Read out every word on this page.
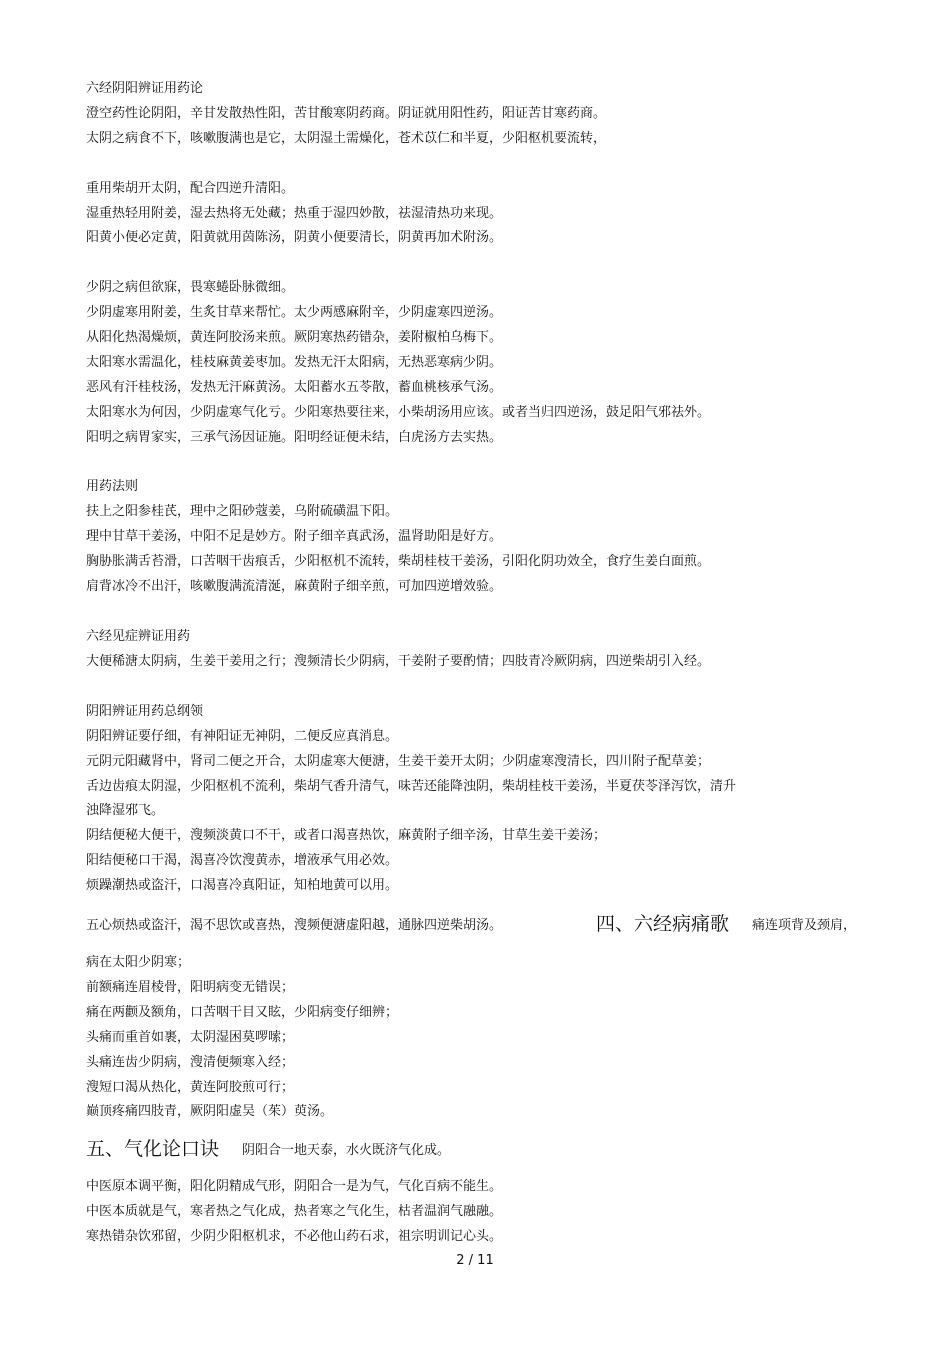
六经阴阳辨证用药论
澄空药性论阴阳，辛甘发散热性阳，苦甘酸寒阴药商。阴证就用阳性药，阳证苦甘寒药商。
太阴之病食不下，咳嗽腹满也是它，太阴湿土需燥化，苍术苡仁和半夏，少阳枢机要流转，
重用柴胡开太阴，配合四逆升清阳。
湿重热轻用附姜，湿去热将无处藏；热重于湿四妙散，祛湿清热功来现。
阳黄小便必定黄，阳黄就用茵陈汤，阴黄小便要清长，阴黄再加术附汤。
少阴之病但欲寐，畏寒蜷卧脉微细。
少阴虚寒用附姜，生炙甘草来帮忙。太少两感麻附辛，少阴虚寒四逆汤。
从阳化热渴燥烦，黄连阿胶汤来煎。厥阴寒热药错杂，姜附椒柏乌梅下。
太阳寒水需温化，桂枝麻黄姜枣加。发热无汗太阳病，无热恶寒病少阴。
恶风有汗桂枝汤，发热无汗麻黄汤。太阳蓄水五苓散，蓄血桃核承气汤。
太阳寒水为何因，少阴虚寒气化亏。少阳寒热要往来，小柴胡汤用应该。或者当归四逆汤，鼓足阳气邪祛外。
阳明之病胃家实，三承气汤因证施。阳明经证便未结，白虎汤方去实热。
用药法则
扶上之阳参桂芪，理中之阳砂蔻姜，乌附硫磺温下阳。
理中甘草干姜汤，中阳不足是妙方。附子细辛真武汤，温肾助阳是好方。
胸胁胀满舌苔滑，口苦咽干齿痕舌，少阳枢机不流转，柴胡桂枝干姜汤，引阳化阴功效全，食疗生姜白面煎。
肩背冰冷不出汗，咳嗽腹满流清涎，麻黄附子细辛煎，可加四逆增效验。
六经见症辨证用药
大便稀溏太阴病，生姜干姜用之行；溲频清长少阴病，干姜附子要酌情；四肢青冷厥阴病，四逆柴胡引入经。
阴阳辨证用药总纲领
阴阳辨证要仔细，有神阳证无神阴，二便反应真消息。
元阴元阳藏肾中，肾司二便之开合，太阴虚寒大便溏，生姜干姜开太阴；少阴虚寒溲清长，四川附子配草姜；
舌边齿痕太阴湿，少阳枢机不流利，柴胡气香升清气，味苦还能降浊阴，柴胡桂枝干姜汤，半夏茯苓泽泻饮，清升
浊降湿邪飞。
阴结便秘大便干，溲频淡黄口不干，或者口渴喜热饮，麻黄附子细辛汤，甘草生姜干姜汤；
阳结便秘口干渴，渴喜冷饮溲黄赤，增液承气用必效。
烦躁潮热或盗汗，口渴喜冷真阳证，知柏地黄可以用。
五心烦热或盗汗，渴不思饮或喜热，溲频便溏虚阳越，通脉四逆柴胡汤。	四、六经病痛歌 痛连项背及颈肩，
病在太阳少阴寒；
前额痛连眉棱骨，阳明病变无错误；
痛在两颧及额角，口苦咽干目又眩，少阳病变仔细辨；
头痛而重首如裹，太阴湿困莫啰嗦；
头痛连齿少阴病，溲清便频寒入经；
溲短口渴从热化，黄连阿胶煎可行；
巅顶疼痛四肢青，厥阴阳虚吴（茱）萸汤。
五、气化论口诀 阴阳合一地天泰，水火既济气化成。
中医原本调平衡，阳化阴精成气形，阴阳合一是为气，气化百病不能生。
中医本质就是气，寒者热之气化成，热者寒之气化生，枯者温润气融融。
寒热错杂饮邪留，少阴少阳枢机求，不必他山药石求，祖宗明训记心头。
2 / 11
